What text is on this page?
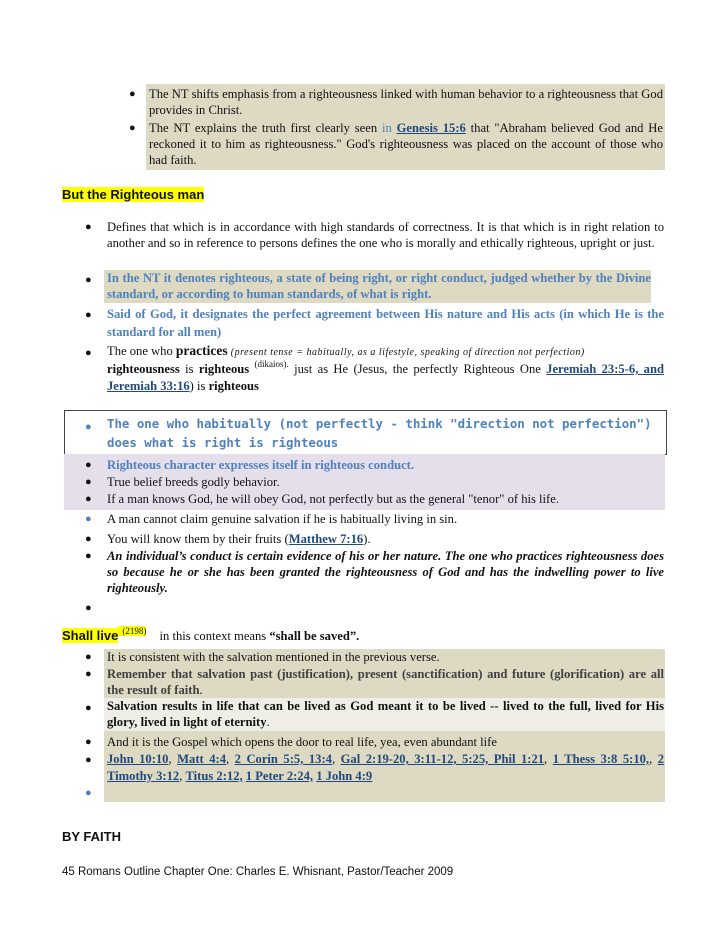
● The NT shifts emphasis from a righteousness linked with human behavior to a righteousness that God provides in Christ.
● The NT explains the truth first clearly seen in Genesis 15:6 that "Abraham believed God and He reckoned it to him as righteousness." God's righteousness was placed on the account of those who had faith.
But the Righteous man
● Defines that which is in accordance with high standards of correctness. It is that which is in right relation to another and so in reference to persons defines the one who is morally and ethically righteous, upright or just.
● In the NT it denotes righteous, a state of being right, or right conduct, judged whether by the Divine standard, or according to human standards, of what is right.
● Said of God, it designates the perfect agreement between His nature and His acts (in which He is the standard for all men)
● The one who practices (present tense = habitually, as a lifestyle, speaking of direction not perfection)
righteousness is righteous $^{(dikaios).}$ just as He (Jesus, the perfectly Righteous One Jeremiah 23:5-6, and Jeremiah 33:16) is righteous
● The one who habitually (not perfectly - think "direction not perfection") does what is right is righteous
● Righteous character expresses itself in righteous conduct.
● True belief breeds godly behavior.
● If a man knows God, he will obey God, not perfectly but as the general "tenor" of his life.
● A man cannot claim genuine salvation if he is habitually living in sin.
● You will know them by their fruits (Matthew 7:16).
● An individual’s conduct is certain evidence of his or her nature. The one who practices righteousness does so because he or she has been granted the righteousness of God and has the indwelling power to live righteously.
●
Shall live $^{(2198)}$ in this context means “shall be saved”.
● It is consistent with the salvation mentioned in the previous verse.
● Remember that salvation past (justification), present (sanctification) and future (glorification) are all the result of faith.
● Salvation results in life that can be lived as God meant it to be lived -- lived to the full, lived for His glory, lived in light of eternity.
● And it is the Gospel which opens the door to real life, yea, even abundant life
● John 10:10, Matt 4:4, 2 Corin 5:5, 13:4, Gal 2:19-20, 3:11-12, 5:25, Phil 1:21, 1 Thess 3:8 5:10,, 2 Timothy 3:12, Titus 2:12, 1 Peter 2:24, 1 John 4:9
●
BY FAITH
45 Romans Outline Chapter One: Charles E. Whisnant, Pastor/Teacher 2009
